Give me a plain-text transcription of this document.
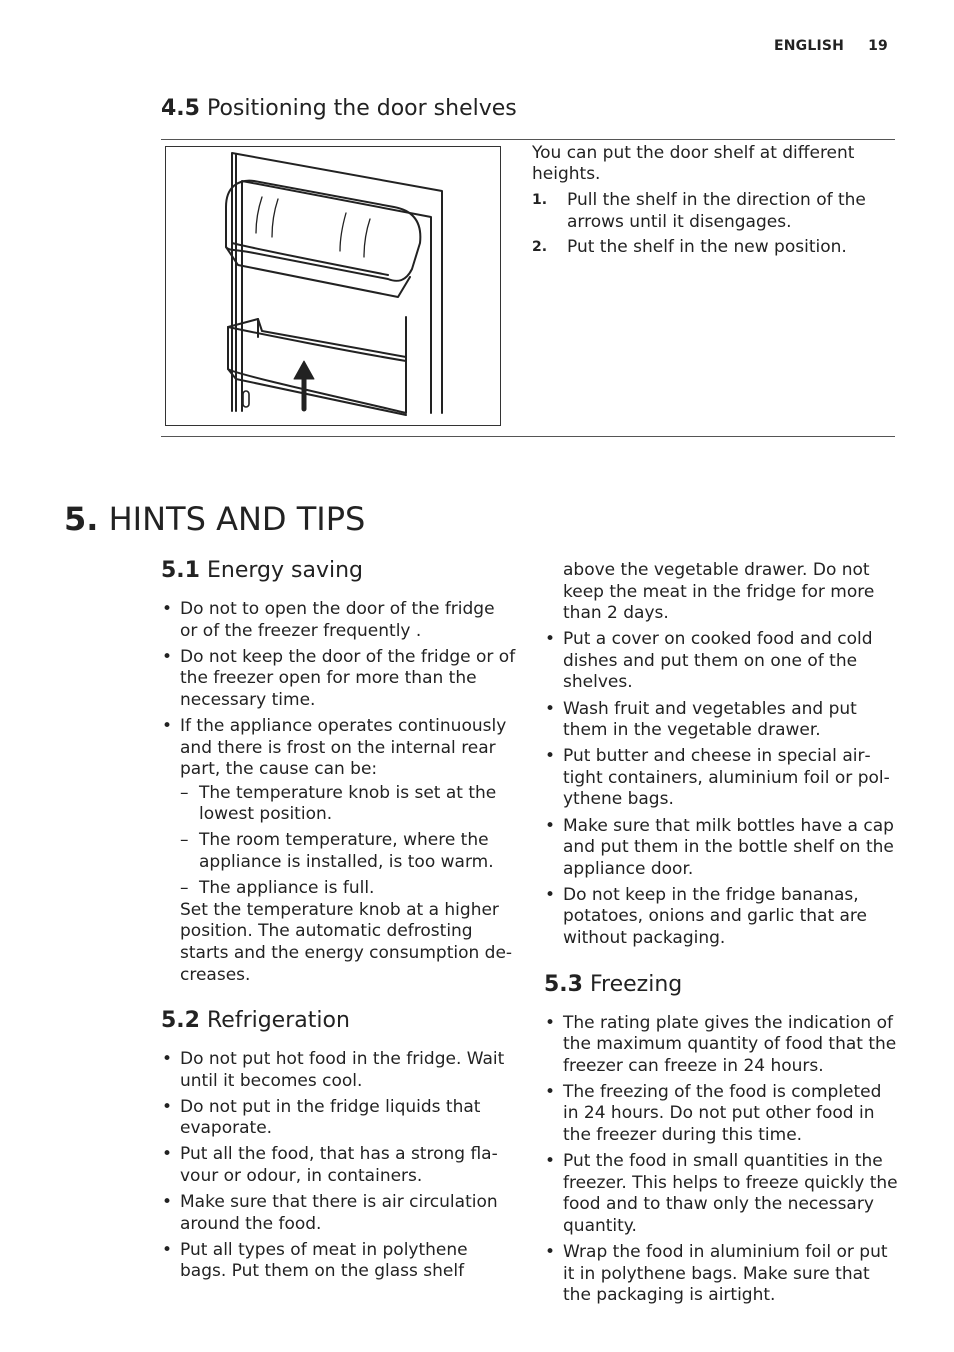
ENGLISH 19
4.5 Positioning the door shelves
You can put the door shelf at different heights.
1. Pull the shelf in the direction of the arrows until it disengages.
2. Put the shelf in the new position.
5. HINTS AND TIPS
5.1 Energy saving
• Do not to open the door of the fridge or of the freezer frequently .
• Do not keep the door of the fridge or of the freezer open for more than the necessary time.
• If the appliance operates continuously and there is frost on the internal rear part, the cause can be:
– The temperature knob is set at the lowest position.
– The room temperature, where the appliance is installed, is too warm.
– The appliance is full.
Set the temperature knob at a higher position. The automatic defrosting starts and the energy consumption decreases.
5.2 Refrigeration
• Do not put hot food in the fridge. Wait until it becomes cool.
• Do not put in the fridge liquids that evaporate.
• Put all the food, that has a strong flavour or odour, in containers.
• Make sure that there is air circulation around the food.
• Put all types of meat in polythene bags. Put them on the glass shelf
above the vegetable drawer. Do not keep the meat in the fridge for more than 2 days.
• Put a cover on cooked food and cold dishes and put them on one of the shelves.
• Wash fruit and vegetables and put them in the vegetable drawer.
• Put butter and cheese in special airtight containers, aluminium foil or polythene bags.
• Make sure that milk bottles have a cap and put them in the bottle shelf on the appliance door.
• Do not keep in the fridge bananas, potatoes, onions and garlic that are without packaging.
5.3 Freezing
• The rating plate gives the indication of the maximum quantity of food that the freezer can freeze in 24 hours.
• The freezing of the food is completed in 24 hours. Do not put other food in the freezer during this time.
• Put the food in small quantities in the freezer. This helps to freeze quickly the food and to thaw only the necessary quantity.
• Wrap the food in aluminium foil or put it in polythene bags. Make sure that the packaging is airtight.
